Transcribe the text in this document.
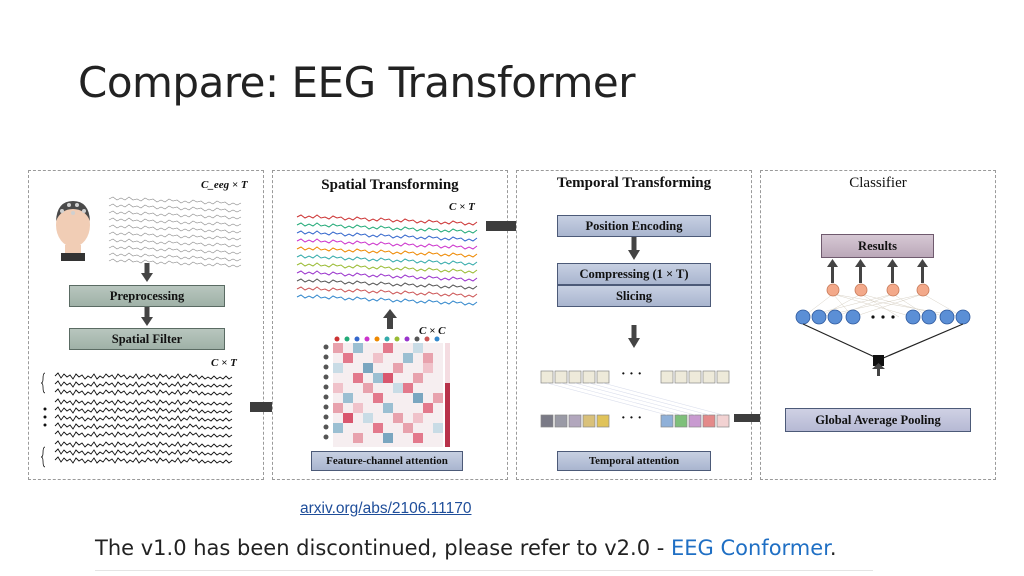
Compare: EEG Transformer
C_eeg × T
Preprocessing
Spatial Filter
C × T
Spatial Transforming
C × T
C × C
Feature-channel attention
Temporal Transforming
Position Encoding
Compressing (1 × T)
Slicing
· · ·
· · ·
Temporal attention
Classifier
Results
Global Average Pooling
arxiv.org/abs/2106.11170
The v1.0 has been discontinued, please refer to v2.0 - EEG Conformer.
